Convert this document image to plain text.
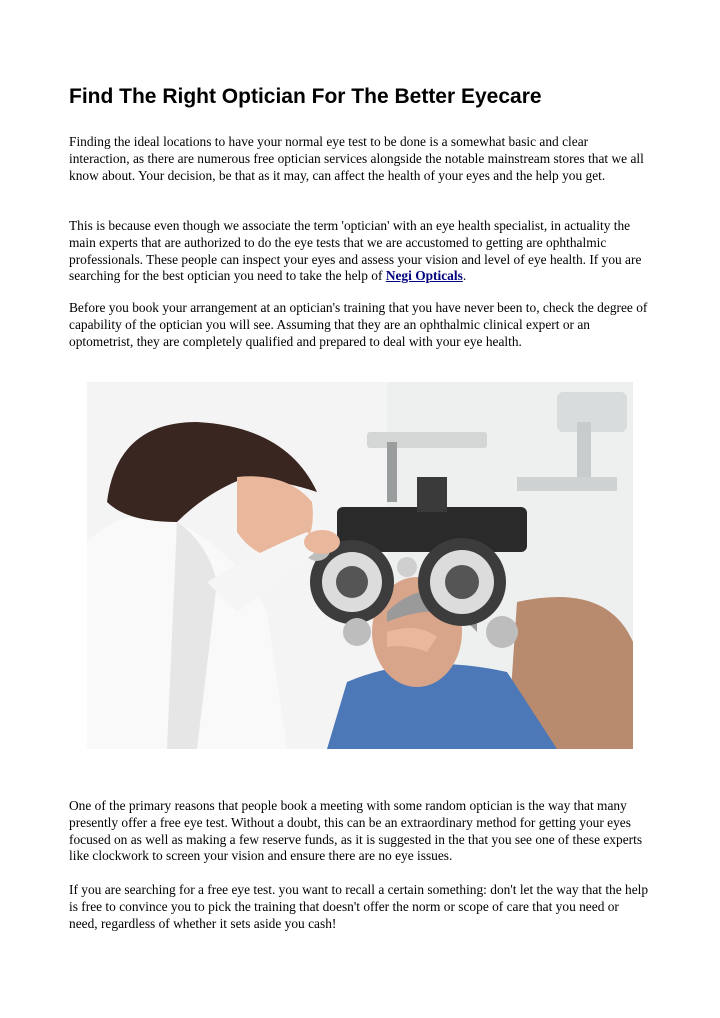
Find The Right Optician For The Better Eyecare

Finding the ideal locations to have your normal eye test to be done is a somewhat basic and clear interaction, as there are numerous free optician services alongside the notable mainstream stores that we all know about. Your decision, be that as it may, can affect the health of your eyes and the help you get.

This is because even though we associate the term 'optician' with an eye health specialist, in actuality the main experts that are authorized to do the eye tests that we are accustomed to getting are ophthalmic professionals. These people can inspect your eyes and assess your vision and level of eye health. If you are searching for the best optician you need to take the help of Negi Opticals.

Before you book your arrangement at an optician's training that you have never been to, check the degree of capability of the optician you will see. Assuming that they are an ophthalmic clinical expert or an optometrist, they are completely qualified and prepared to deal with your eye health.

One of the primary reasons that people book a meeting with some random optician is the way that many presently offer a free eye test. Without a doubt, this can be an extraordinary method for getting your eyes focused on as well as making a few reserve funds, as it is suggested in the that you see one of these experts like clockwork to screen your vision and ensure there are no eye issues.

If you are searching for a free eye test. you want to recall a certain something: don't let the way that the help is free to convince you to pick the training that doesn't offer the norm or scope of care that you need or need, regardless of whether it sets aside you cash!
